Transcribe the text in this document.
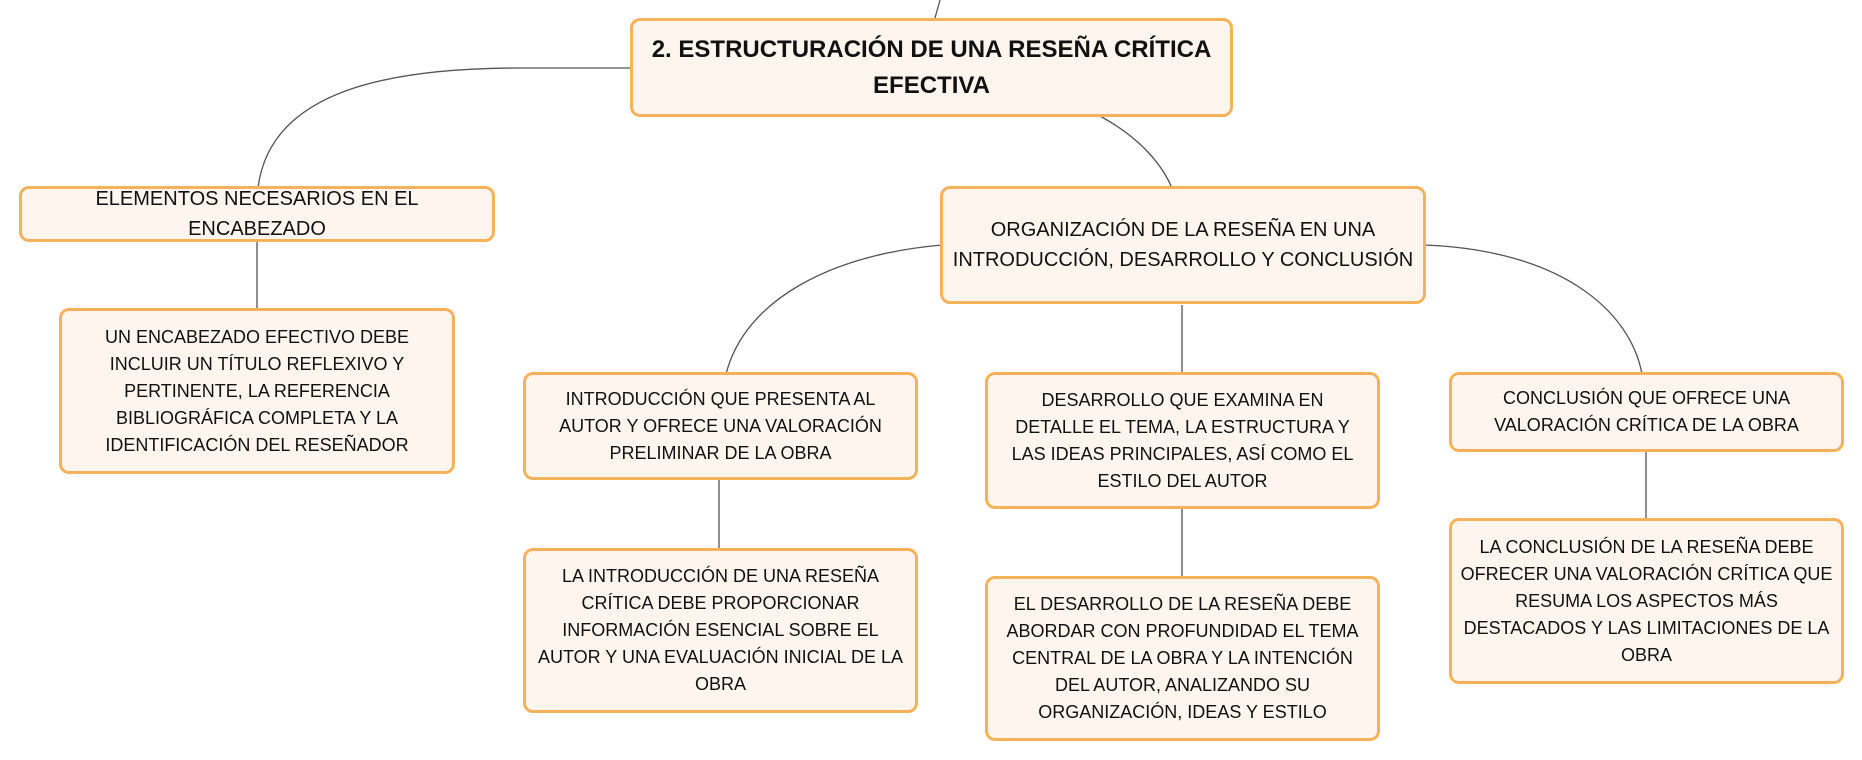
2. ESTRUCTURACIÓN DE UNA RESEÑA CRÍTICA EFECTIVA
ELEMENTOS NECESARIOS EN EL ENCABEZADO
UN ENCABEZADO EFECTIVO DEBE INCLUIR UN TÍTULO REFLEXIVO Y PERTINENTE, LA REFERENCIA BIBLIOGRÁFICA COMPLETA Y LA IDENTIFICACIÓN DEL RESEÑADOR
ORGANIZACIÓN DE LA RESEÑA EN UNA INTRODUCCIÓN, DESARROLLO Y CONCLUSIÓN
INTRODUCCIÓN QUE PRESENTA AL AUTOR Y OFRECE UNA VALORACIÓN PRELIMINAR DE LA OBRA
LA INTRODUCCIÓN DE UNA RESEÑA CRÍTICA DEBE PROPORCIONAR INFORMACIÓN ESENCIAL SOBRE EL AUTOR Y UNA EVALUACIÓN INICIAL DE LA OBRA
DESARROLLO QUE EXAMINA EN DETALLE EL TEMA, LA ESTRUCTURA Y LAS IDEAS PRINCIPALES, ASÍ COMO EL ESTILO DEL AUTOR
EL DESARROLLO DE LA RESEÑA DEBE ABORDAR CON PROFUNDIDAD EL TEMA CENTRAL DE LA OBRA Y LA INTENCIÓN DEL AUTOR, ANALIZANDO SU ORGANIZACIÓN, IDEAS Y ESTILO
CONCLUSIÓN QUE OFRECE UNA VALORACIÓN CRÍTICA DE LA OBRA
LA CONCLUSIÓN DE LA RESEÑA DEBE OFRECER UNA VALORACIÓN CRÍTICA QUE RESUMA LOS ASPECTOS MÁS DESTACADOS Y LAS LIMITACIONES DE LA OBRA
